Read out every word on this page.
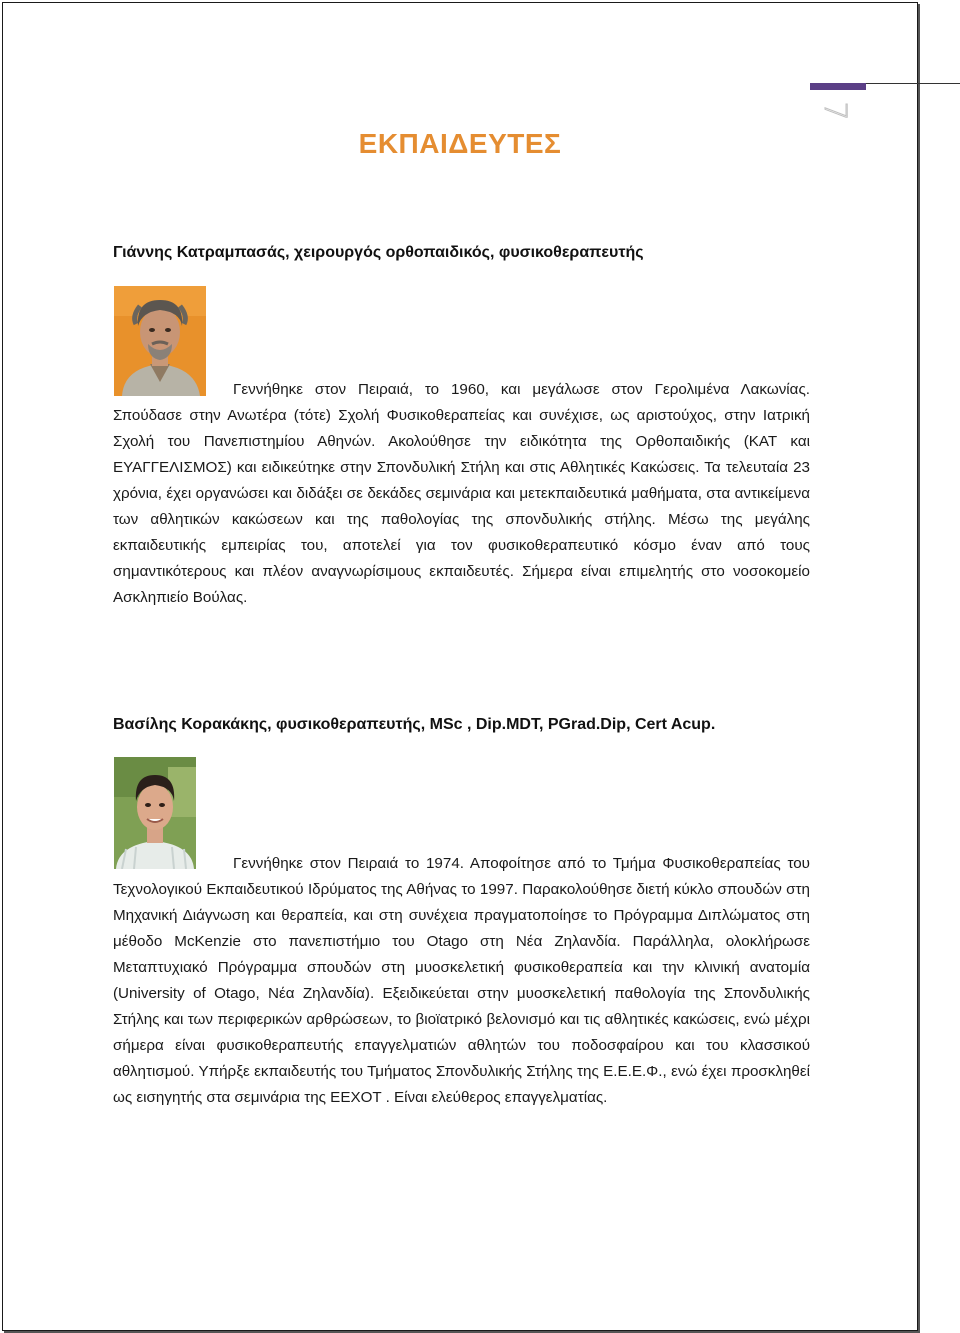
7
ΕΚΠΑΙΔΕΥΤΕΣ
Γιάννης Κατραμπασάς, χειρουργός ορθοπαιδικός, φυσικοθεραπευτής

Γεννήθηκε στον Πειραιά, το 1960, και μεγάλωσε στον Γερολιμένα Λακωνίας. Σπούδασε στην Ανωτέρα (τότε) Σχολή Φυσικοθεραπείας και συνέχισε, ως αριστούχος, στην Ιατρική Σχολή του Πανεπιστημίου Αθηνών. Ακολούθησε την ειδικότητα της Ορθοπαιδικής (ΚΑΤ και ΕΥΑΓΓΕΛΙΣΜΟΣ) και ειδικεύτηκε στην Σπονδυλική Στήλη και στις Αθλητικές Κακώσεις. Τα τελευταία 23 χρόνια, έχει οργανώσει και διδάξει σε δεκάδες σεμινάρια και μετεκπαιδευτικά μαθήματα, στα αντικείμενα των αθλητικών κακώσεων και της παθολογίας της σπονδυλικής στήλης. Μέσω της μεγάλης εκπαιδευτικής εμπειρίας του, αποτελεί για τον φυσικοθεραπευτικό κόσμο έναν από τους σημαντικότερους και πλέον αναγνωρίσιμους εκπαιδευτές. Σήμερα είναι επιμελητής στο νοσοκομείο Ασκληπιείο Βούλας.

Βασίλης Κορακάκης, φυσικοθεραπευτής, MSc , Dip.MDT, PGrad.Dip, Cert Acup.

Γεννήθηκε στον Πειραιά το 1974. Αποφοίτησε από το Τμήμα Φυσικοθεραπείας του Τεχνολογικού Εκπαιδευτικού Ιδρύματος της Αθήνας το 1997. Παρακολούθησε διετή κύκλο σπουδών στη Μηχανική Διάγνωση και θεραπεία, και στη συνέχεια πραγματοποίησε το Πρόγραμμα Διπλώματος στη μέθοδο McKenzie στο πανεπιστήμιο του Otago στη Νέα Ζηλανδία. Παράλληλα, ολοκλήρωσε Μεταπτυχιακό Πρόγραμμα σπουδών στη μυοσκελετική φυσικοθεραπεία και την κλινική ανατομία (University of Otago, Νέα Ζηλανδία). Εξειδικεύεται στην μυοσκελετική παθολογία της Σπονδυλικής Στήλης και των περιφερικών αρθρώσεων, το βιοϊατρικό βελονισμό και τις αθλητικές κακώσεις, ενώ μέχρι σήμερα είναι φυσικοθεραπευτής επαγγελματιών αθλητών του ποδοσφαίρου και του κλασσικού αθλητισμού. Υπήρξε εκπαιδευτής του Τμήματος Σπονδυλικής Στήλης της Ε.Ε.Ε.Φ., ενώ έχει προσκληθεί ως εισηγητής στα σεμινάρια της ΕΕΧΟΤ . Είναι ελεύθερος επαγγελματίας.
